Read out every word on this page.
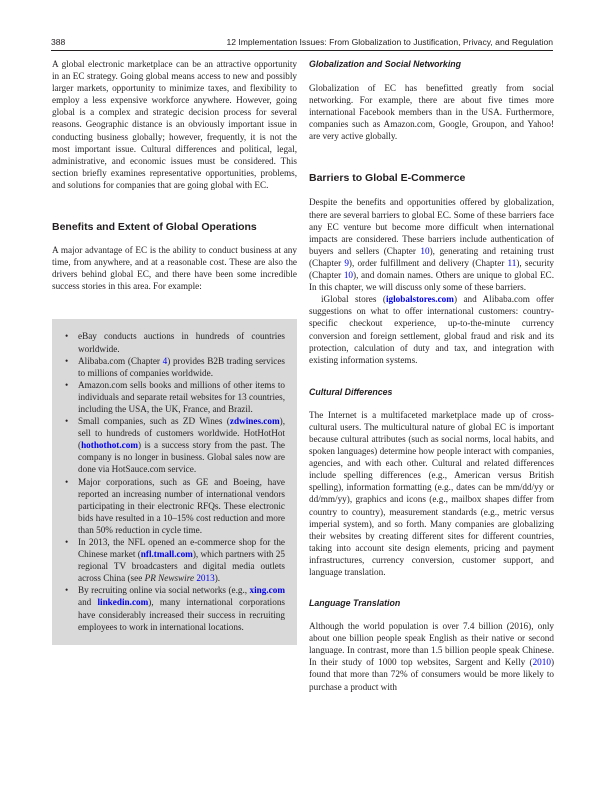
388	12 Implementation Issues: From Globalization to Justification, Privacy, and Regulation

A global electronic marketplace can be an attractive opportunity in an EC strategy. Going global means access to new and possibly larger markets, opportunity to minimize taxes, and flexibility to employ a less expensive workforce anywhere. However, going global is a complex and strategic decision process for several reasons. Geographic distance is an obviously important issue in conducting business globally; however, frequently, it is not the most important issue. Cultural differences and political, legal, administrative, and economic issues must be considered. This section briefly examines representative opportunities, problems, and solutions for companies that are going global with EC.

Benefits and Extent of Global Operations

A major advantage of EC is the ability to conduct business at any time, from anywhere, and at a reasonable cost. These are also the drivers behind global EC, and there have been some incredible success stories in this area. For example:

• eBay conducts auctions in hundreds of countries worldwide.
• Alibaba.com (Chapter 4) provides B2B trading services to millions of companies worldwide.
• Amazon.com sells books and millions of other items to individuals and separate retail websites for 13 countries, including the USA, the UK, France, and Brazil.
• Small companies, such as ZD Wines (zdwines.com), sell to hundreds of customers worldwide. HotHotHot (hothothot.com) is a success story from the past. The company is no longer in business. Global sales now are done via HotSauce.com service.
• Major corporations, such as GE and Boeing, have reported an increasing number of international vendors participating in their electronic RFQs. These electronic bids have resulted in a 10–15% cost reduction and more than 50% reduction in cycle time.
• In 2013, the NFL opened an e-commerce shop for the Chinese market (nfl.tmall.com), which partners with 25 regional TV broadcasters and digital media outlets across China (see PR Newswire 2013).
• By recruiting online via social networks (e.g., xing.com and linkedin.com), many international corporations have considerably increased their success in recruiting employees to work in international locations.
Globalization and Social Networking

Globalization of EC has benefitted greatly from social networking. For example, there are about five times more international Facebook members than in the USA. Furthermore, companies such as Amazon.com, Google, Groupon, and Yahoo! are very active globally.

Barriers to Global E-Commerce

Despite the benefits and opportunities offered by globalization, there are several barriers to global EC. Some of these barriers face any EC venture but become more difficult when international impacts are considered. These barriers include authentication of buyers and sellers (Chapter 10), generating and retaining trust (Chapter 9), order fulfillment and delivery (Chapter 11), security (Chapter 10), and domain names. Others are unique to global EC. In this chapter, we will discuss only some of these barriers.

iGlobal stores (iglobalstores.com) and Alibaba.com offer suggestions on what to offer international customers: country-specific checkout experience, up-to-the-minute currency conversion and foreign settlement, global fraud and risk and its protection, calculation of duty and tax, and integration with existing information systems.

Cultural Differences

The Internet is a multifaceted marketplace made up of cross-cultural users. The multicultural nature of global EC is important because cultural attributes (such as social norms, local habits, and spoken languages) determine how people interact with companies, agencies, and with each other. Cultural and related differences include spelling differences (e.g., American versus British spelling), information formatting (e.g., dates can be mm/dd/yy or dd/mm/yy), graphics and icons (e.g., mailbox shapes differ from country to country), measurement standards (e.g., metric versus imperial system), and so forth. Many companies are globalizing their websites by creating different sites for different countries, taking into account site design elements, pricing and payment infrastructures, currency conversion, customer support, and language translation.

Language Translation

Although the world population is over 7.4 billion (2016), only about one billion people speak English as their native or second language. In contrast, more than 1.5 billion people speak Chinese. In their study of 1000 top websites, Sargent and Kelly (2010) found that more than 72% of consumers would be more likely to purchase a product with
